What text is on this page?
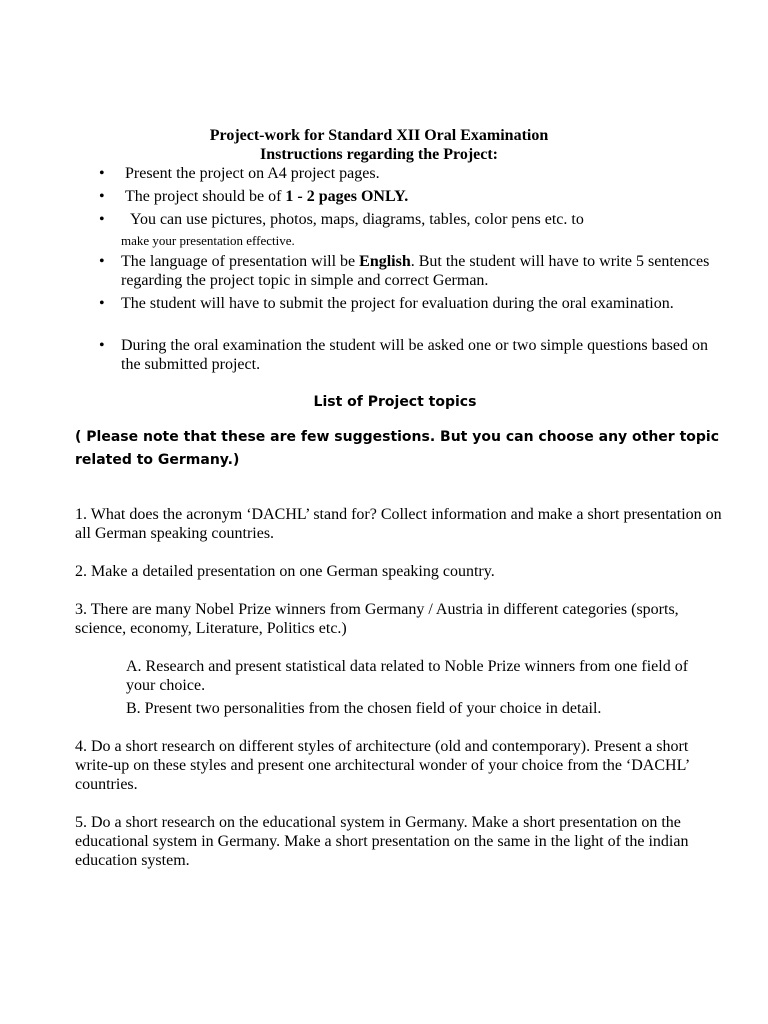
Project-work for Standard XII Oral Examination
Instructions regarding the Project:
• Present the project on A4 project pages.
• The project should be of 1 - 2 pages ONLY.
• You can use pictures, photos, maps, diagrams, tables, color pens etc. to
• The language of presentation will be English. But the student will have to write 5 sentences regarding the project topic in simple and correct German.
• The student will have to submit the project for evaluation during the oral examination.
• During the oral examination the student will be asked one or two simple questions based on the submitted project.
make your presentation effective.
List of Project topics

( Please note that these are few suggestions. But you can choose any other topic related to Germany.)

1. What does the acronym ‘DACHL’ stand for? Collect information and make a short presentation on all German speaking countries.

2. Make a detailed presentation on one German speaking country.

3. There are many Nobel Prize winners from Germany / Austria in different categories (sports, science, economy, Literature, Politics etc.)

A. Research and present statistical data related to Noble Prize winners from one field of your choice.

B. Present two personalities from the chosen field of your choice in detail.

4. Do a short research on different styles of architecture (old and contemporary). Present a short write-up on these styles and present one architectural wonder of your choice from the ‘DACHL’ countries.

5. Do a short research on the educational system in Germany. Make a short presentation on the educational system in Germany. Make a short presentation on the same in the light of the indian education system.
